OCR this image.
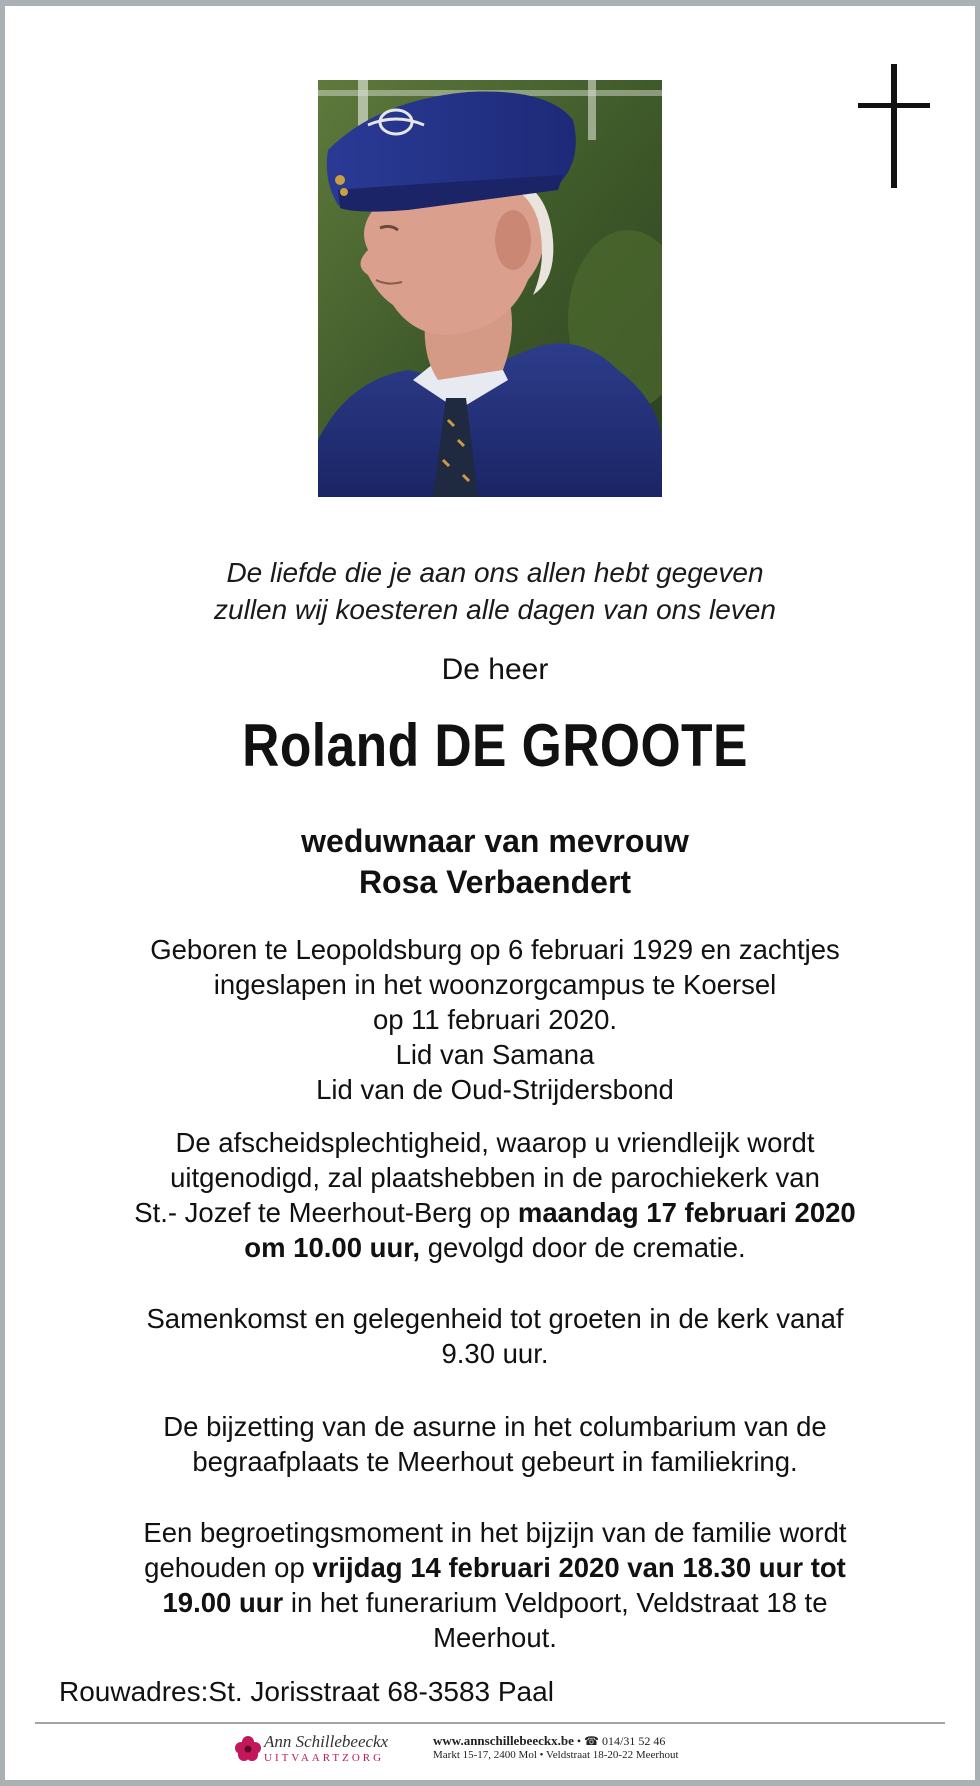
De liefde die je aan ons allen hebt gegeven
zullen wij koesteren alle dagen van ons leven
De heer
Roland DE GROOTE
weduwnaar van mevrouw
Rosa Verbaendert
Geboren te Leopoldsburg op 6 februari 1929 en zachtjes
ingeslapen in het woonzorgcampus te Koersel
op 11 februari 2020.
Lid van Samana
Lid van de Oud-Strijdersbond
De afscheidsplechtigheid, waarop u vriendleijk wordt
uitgenodigd, zal plaatshebben in de parochiekerk van
St.- Jozef te Meerhout-Berg op maandag 17 februari 2020
om 10.00 uur, gevolgd door de crematie.
Samenkomst en gelegenheid tot groeten in de kerk vanaf
9.30 uur.
De bijzetting van de asurne in het columbarium van de
begraafplaats te Meerhout gebeurt in familiekring.
Een begroetingsmoment in het bijzijn van de familie wordt
gehouden op vrijdag 14 februari 2020 van 18.30 uur tot
19.00 uur in het funerarium Veldpoort, Veldstraat 18 te
Meerhout.
Rouwadres:St. Jorisstraat 68-3583 Paal
Ann Schillebeeckx
UITVAARTZORG
www.annschillebeeckx.be • ☎ 014/31 52 46
Markt 15-17, 2400 Mol • Veldstraat 18-20-22 Meerhout
